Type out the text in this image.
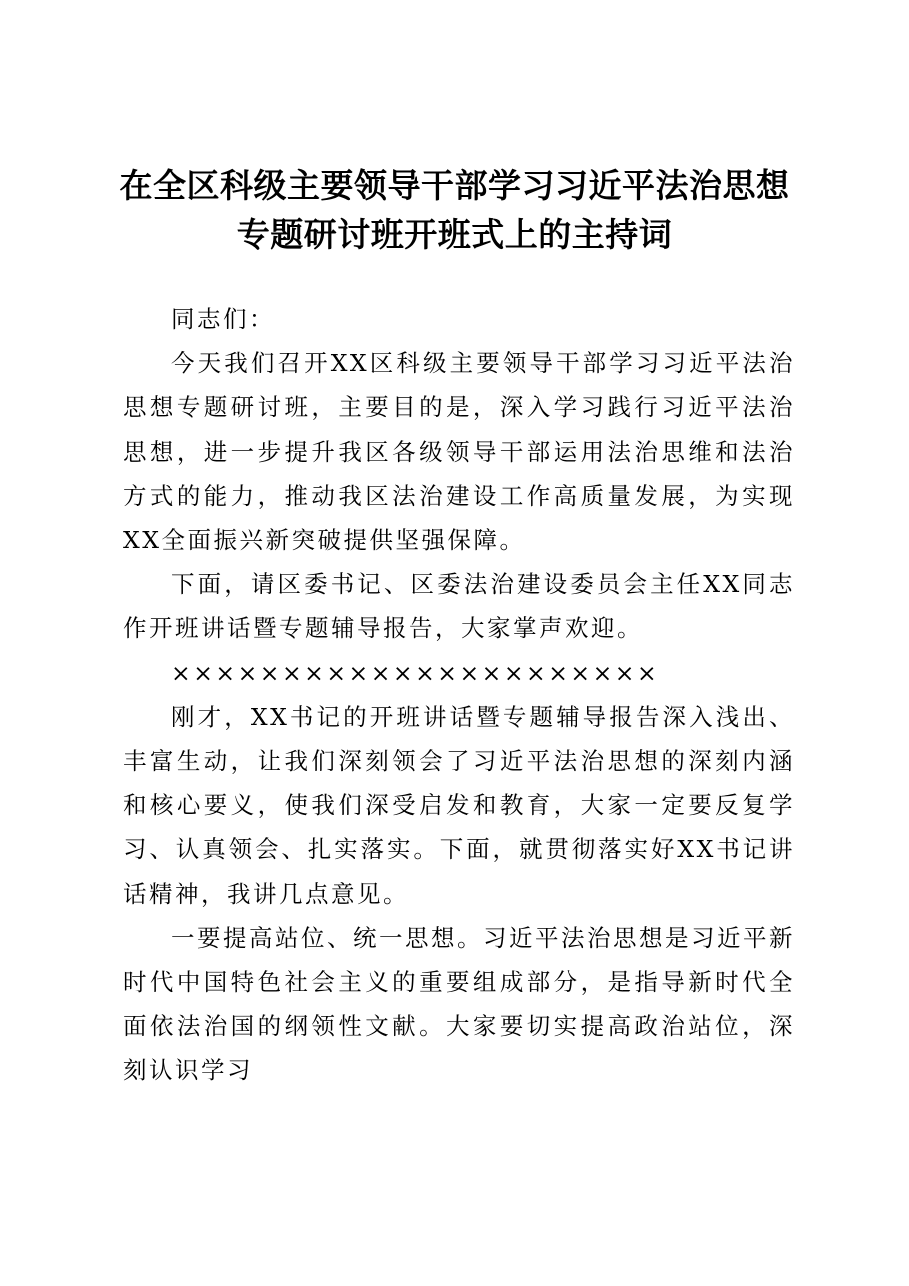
在全区科级主要领导干部学习习近平法治思想
专题研讨班开班式上的主持词

同志们：

今天我们召开XX区科级主要领导干部学习习近平法治思想专题研讨班，主要目的是，深入学习践行习近平法治思想，进一步提升我区各级领导干部运用法治思维和法治方式的能力，推动我区法治建设工作高质量发展，为实现XX全面振兴新突破提供坚强保障。

下面，请区委书记、区委法治建设委员会主任XX同志作开班讲话暨专题辅导报告，大家掌声欢迎。

××××××××××××××××××××××

刚才，XX书记的开班讲话暨专题辅导报告深入浅出、丰富生动，让我们深刻领会了习近平法治思想的深刻内涵和核心要义，使我们深受启发和教育，大家一定要反复学习、认真领会、扎实落实。下面，就贯彻落实好XX书记讲话精神，我讲几点意见。

一要提高站位、统一思想。习近平法治思想是习近平新时代中国特色社会主义的重要组成部分，是指导新时代全面依法治国的纲领性文献。大家要切实提高政治站位，深刻认识学习
